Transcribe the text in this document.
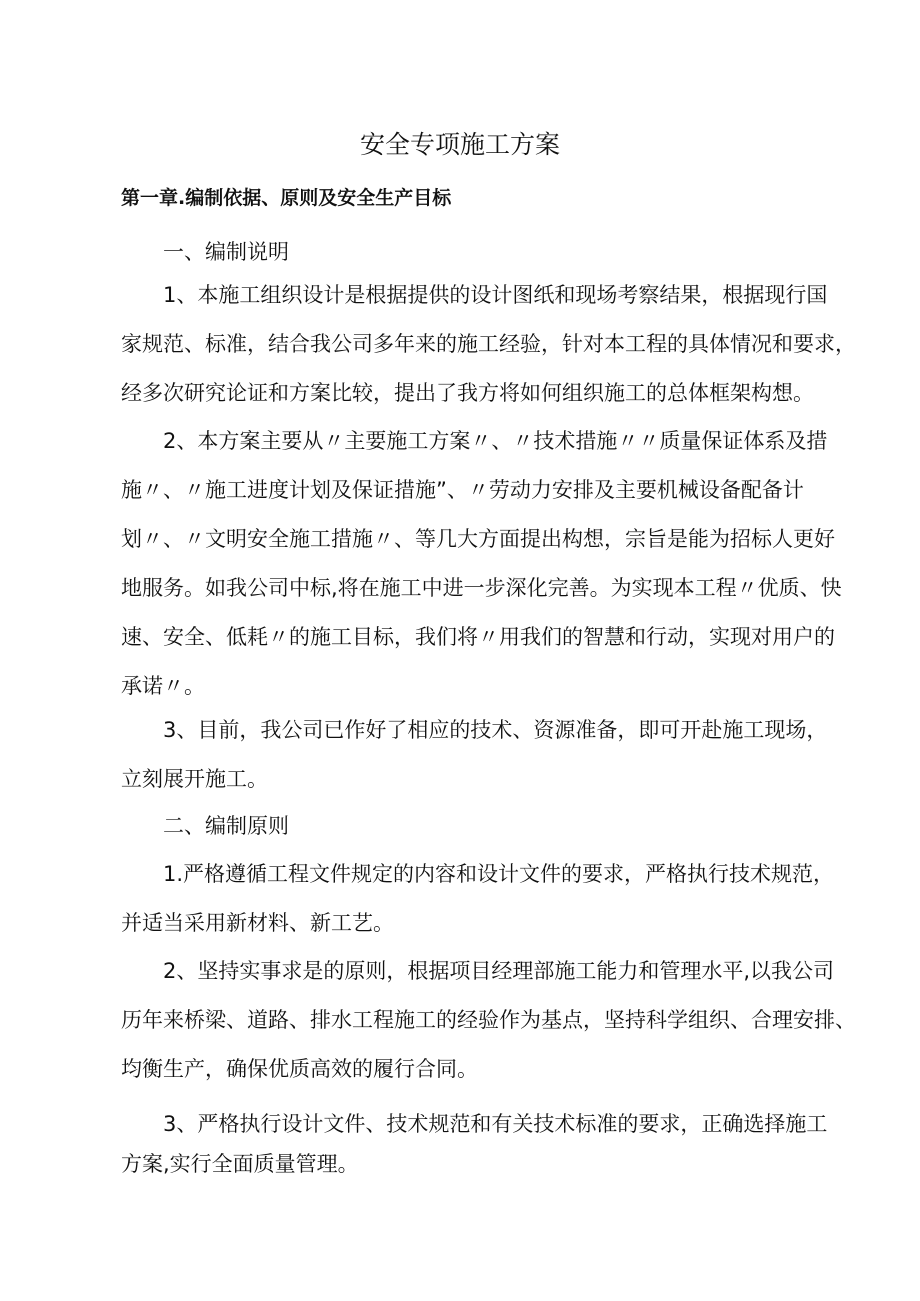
安全专项施工方案
第一章.编制依据、原则及安全生产目标
一、编制说明
1、本施工组织设计是根据提供的设计图纸和现场考察结果，根据现行国
家规范、标准，结合我公司多年来的施工经验，针对本工程的具体情况和要求，
经多次研究论证和方案比较，提出了我方将如何组织施工的总体框架构想。
2、本方案主要从〃主要施工方案〃、〃技术措施〃〃质量保证体系及措
施〃、〃施工进度计划及保证措施”、〃劳动力安排及主要机械设备配备计
划〃、〃文明安全施工措施〃、等几大方面提出构想，宗旨是能为招标人更好
地服务。如我公司中标,将在施工中进一步深化完善。为实现本工程〃优质、快
速、安全、低耗〃的施工目标，我们将〃用我们的智慧和行动，实现对用户的
承诺〃。
3、目前，我公司已作好了相应的技术、资源准备，即可开赴施工现场，
立刻展开施工。
二、编制原则
1.严格遵循工程文件规定的内容和设计文件的要求，严格执行技术规范，
并适当采用新材料、新工艺。
2、坚持实事求是的原则，根据项目经理部施工能力和管理水平,以我公司
历年来桥梁、道路、排水工程施工的经验作为基点，坚持科学组织、合理安排、
均衡生产，确保优质高效的履行合同。
3、严格执行设计文件、技术规范和有关技术标准的要求，正确选择施工
方案,实行全面质量管理。
